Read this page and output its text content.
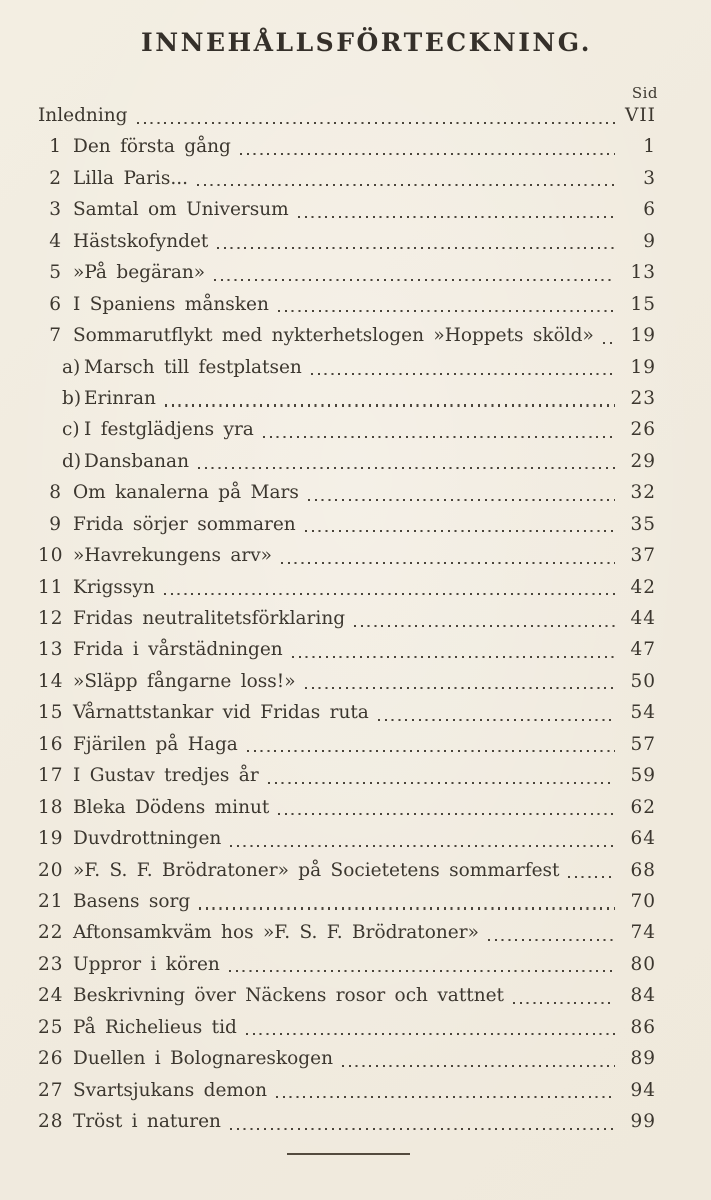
INNEHÅLLSFÖRTECKNING.
Sid
Inledning	VII
1 Den första gång	1
2 Lilla Paris...	3
3 Samtal om Universum	6
4 Hästskofyndet	9
5 »På begäran»	13
6 I Spaniens månsken	15
7 Sommarutflykt med nykterhetslogen »Hoppets sköld»	19
a) Marsch till festplatsen	19
b) Erinran	23
c) I festglädjens yra	26
d) Dansbanan	29
8 Om kanalerna på Mars	32
9 Frida sörjer sommaren	35
10 »Havrekungens arv»	37
11 Krigssyn	42
12 Fridas neutralitetsförklaring	44
13 Frida i vårstädningen	47
14 »Släpp fångarne loss!»	50
15 Vårnattstankar vid Fridas ruta	54
16 Fjärilen på Haga	57
17 I Gustav tredjes år	59
18 Bleka Dödens minut	62
19 Duvdrottningen	64
20 »F. S. F. Brödratoner» på Societetens sommarfest	68
21 Basens sorg	70
22 Aftonsamkväm hos »F. S. F. Brödratoner»	74
23 Uppror i kören	80
24 Beskrivning över Näckens rosor och vattnet	84
25 På Richelieus tid	86
26 Duellen i Bolognareskogen	89
27 Svartsjukans demon	94
28 Tröst i naturen	99
